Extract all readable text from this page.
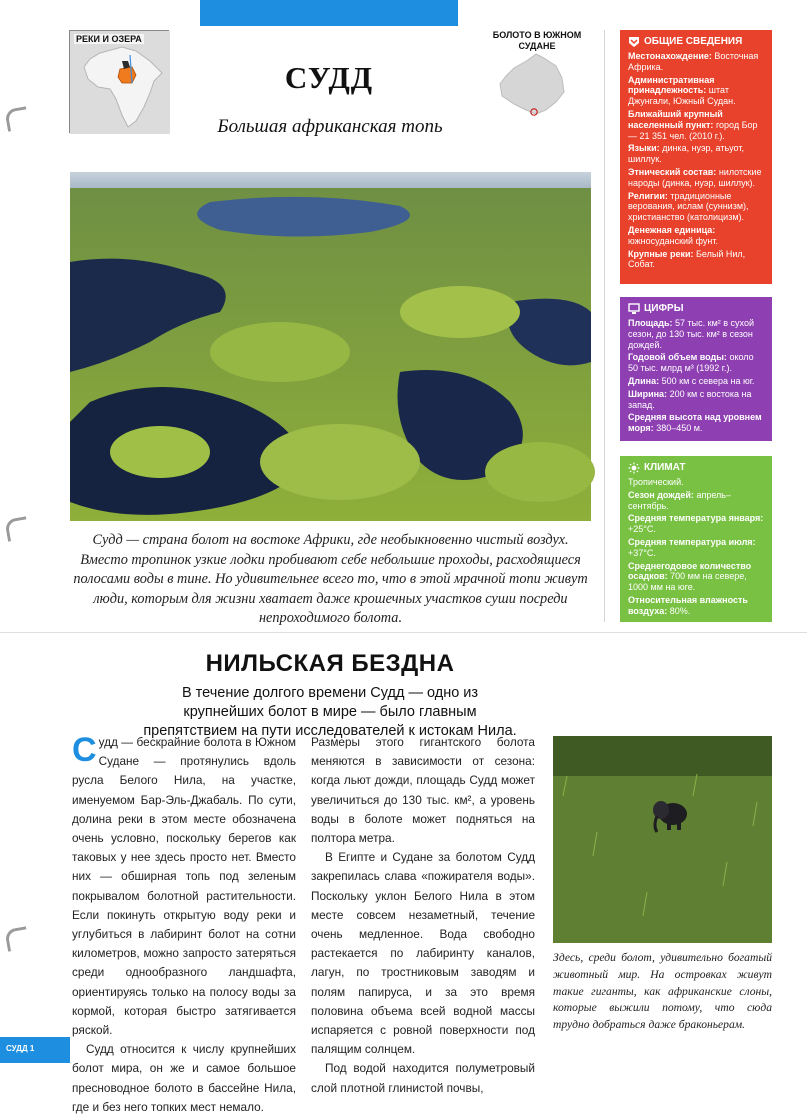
РЕКИ И ОЗЕРА	БОЛОТО В ЮЖНОМ СУДАНЕ
СУДД
Большая африканская топь
Судд — страна болот на востоке Африки, где необыкновенно чистый воздух. Вместо тропинок узкие лодки пробивают себе небольшие проходы, расходящиеся полосами воды в тине. Но удивительнее всего то, что в этой мрачной топи живут люди, которым для жизни хватает даже крошечных участков суши посреди непроходимого болота.
ОБЩИЕ СВЕДЕНИЯ
Местонахождение: Восточная Африка.
Административная принадлежность: штат Джунгали, Южный Судан.
Ближайший крупный населенный пункт: город Бор — 21 351 чел. (2010 г.).
Языки: динка, нуэр, атьуот, шиллук.
Этнический состав: нилотские народы (динка, нуэр, шиллук).
Религии: традиционные верования, ислам (суннизм), христианство (католицизм).
Денежная единица: южносуданский фунт.
Крупные реки: Белый Нил, Собат.
ЦИФРЫ
Площадь: 57 тыс. км² в сухой сезон, до 130 тыс. км² в сезон дождей.
Годовой объем воды: около 50 тыс. млрд м³ (1992 г.).
Длина: 500 км с севера на юг.
Ширина: 200 км с востока на запад.
Средняя высота над уровнем моря: 380–450 м.
КЛИМАТ
Тропический.
Сезон дождей: апрель–сентябрь.
Средняя температура января: +25°C.
Средняя температура июля: +37°C.
Среднегодовое количество осадков: 700 мм на севере, 1000 мм на юге.
Относительная влажность воздуха: 80%.
НИЛЬСКАЯ БЕЗДНА
В течение долгого времени Судд — одно из крупнейших болот в мире — было главным препятствием на пути исследователей к истокам Нила.

Судд — бескрайние болота в Южном Судане — протянулись вдоль русла Белого Нила, на участке, именуемом Бар-Эль-Джабаль. По сути, долина реки в этом месте обозначена очень условно, поскольку берегов как таковых у нее здесь просто нет. Вместо них — обширная топь под зеленым покрывалом болотной растительности. Если покинуть открытую воду реки и углубиться в лабиринт болот на сотни километров, можно запросто затеряться среди однообразного ландшафта, ориентируясь только на полосу воды за кормой, которая быстро затягивается ряской.

Судд относится к числу крупнейших болот мира, он же и самое большое пресноводное болото в бассейне Нила, где и без него топких мест немало.

Размеры этого гигантского болота меняются в зависимости от сезона: когда льют дожди, площадь Судд может увеличиться до 130 тыс. км², а уровень воды в болоте может подняться на полтора метра.

В Египте и Судане за болотом Судд закрепилась слава «пожирателя воды». Поскольку уклон Белого Нила в этом месте совсем незаметный, течение очень медленное. Вода свободно растекается по лабиринту каналов, лагун, по тростниковым заводям и полям папируса, и за это время половина объема всей водной массы испаряется с ровной поверхности под палящим солнцем.

Под водой находится полуметровый слой плотной глинистой почвы,

Здесь, среди болот, удивительно богатый животный мир. На островках живут такие гиганты, как африканские слоны, которые выжили потому, что сюда трудно добраться даже браконьерам.
СУДД 1
